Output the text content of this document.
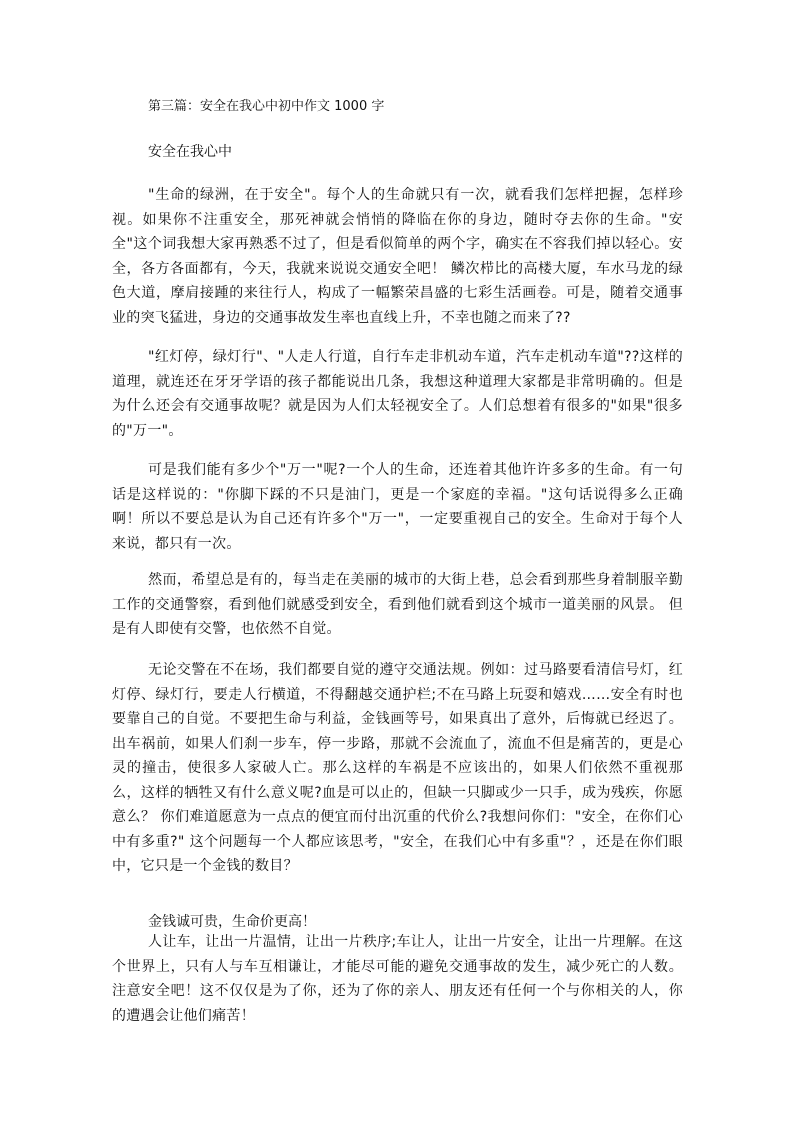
第三篇：安全在我心中初中作文 1000 字
安全在我心中

"生命的绿洲，在于安全"。每个人的生命就只有一次，就看我们怎样把握，怎样珍视。如果你不注重安全，那死神就会悄悄的降临在你的身边，随时夺去你的生命。"安全"这个词我想大家再熟悉不过了，但是看似简单的两个字，确实在不容我们掉以轻心。安全，各方各面都有，今天，我就来说说交通安全吧！ 鳞次栉比的高楼大厦，车水马龙的绿色大道，摩肩接踵的来往行人，构成了一幅繁荣昌盛的七彩生活画卷。可是，随着交通事业的突飞猛进，身边的交通事故发生率也直线上升，不幸也随之而来了??

"红灯停，绿灯行"、"人走人行道，自行车走非机动车道，汽车走机动车道"??这样的道理，就连还在牙牙学语的孩子都能说出几条，我想这种道理大家都是非常明确的。但是为什么还会有交通事故呢？就是因为人们太轻视安全了。人们总想着有很多的"如果"很多的"万一"。

可是我们能有多少个"万一"呢?一个人的生命，还连着其他许许多多的生命。有一句话是这样说的："你脚下踩的不只是油门，更是一个家庭的幸福。"这句话说得多么正确啊！所以不要总是认为自己还有许多个"万一"，一定要重视自己的安全。生命对于每个人来说，都只有一次。

然而，希望总是有的，每当走在美丽的城市的大街上巷，总会看到那些身着制服辛勤工作的交通警察，看到他们就感受到安全，看到他们就看到这个城市一道美丽的风景。 但是有人即使有交警，也依然不自觉。

无论交警在不在场，我们都要自觉的遵守交通法规。例如：过马路要看清信号灯，红灯停、绿灯行，要走人行横道，不得翻越交通护栏;不在马路上玩耍和嬉戏……安全有时也要靠自己的自觉。不要把生命与利益，金钱画等号，如果真出了意外，后悔就已经迟了。 出车祸前，如果人们刹一步车，停一步路，那就不会流血了，流血不但是痛苦的，更是心灵的撞击，使很多人家破人亡。那么这样的车祸是不应该出的，如果人们依然不重视那么，这样的牺牲又有什么意义呢?血是可以止的，但缺一只脚或少一只手，成为残疾，你愿意么？ 你们难道愿意为一点点的便宜而付出沉重的代价么?我想问你们："安全，在你们心中有多重?" 这个问题每一个人都应该思考，"安全，在我们心中有多重"？，还是在你们眼中，它只是一个金钱的数目？

金钱诚可贵，生命价更高！

人让车，让出一片温情，让出一片秩序;车让人，让出一片安全，让出一片理解。在这个世界上，只有人与车互相谦让，才能尽可能的避免交通事故的发生，减少死亡的人数。注意安全吧！这不仅仅是为了你，还为了你的亲人、朋友还有任何一个与你相关的人，你的遭遇会让他们痛苦！
